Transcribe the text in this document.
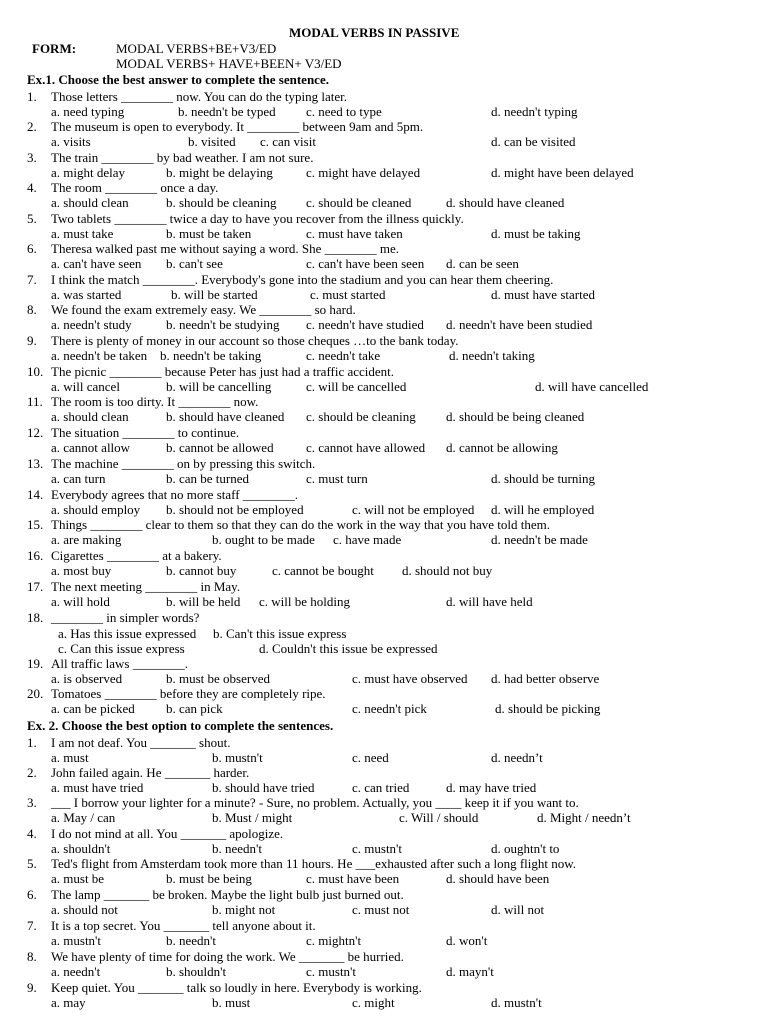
MODAL VERBS IN PASSIVE
FORM:	MODAL VERBS+BE+V3/ED
MODAL VERBS+ HAVE+BEEN+ V3/ED
Ex.1. Choose the best answer to complete the sentence.
Ex. 2. Choose the best option to complete the sentences.
1. Those letters ________ now. You can do the typing later.
a. need typing	b. needn't be typed c. need to type	d. needn't typing
2. The museum is open to everybody. It ________ between 9am and 5pm.
a. visits	b. visited c. can visit	d. can be visited
3. The train ________ by bad weather. I am not sure.
a. might delay	b. might be delaying	c. might have delayed	d. might have been delayed
4. The room ________ once a day.
a. should clean	b. should be cleaning c. should be cleaned	d. should have cleaned
5. Two tablets ________ twice a day to have you recover from the illness quickly.
a. must take	b. must be taken	c. must have taken	d. must be taking
6. Theresa walked past me without saying a word. She ________ me.
a. can't have seen b. can't see	c. can't have been seen d. can be seen
7. I think the match ________. Everybody's gone into the stadium and you can hear them cheering.
a. was started	b. will be started	c. must started	d. must have started
8. We found the exam extremely easy. We ________ so hard.
a. needn't study	b. needn't be studying c. needn't have studied d. needn't have been studied
9. There is plenty of money in our account so those cheques …to the bank today.
a. needn't be taken b. needn't be taking	c. needn't take	d. needn't taking
10. The picnic ________ because Peter has just had a traffic accident.
a. will cancel	b. will be cancelling	c. will be cancelled	d. will have cancelled
11. The room is too dirty. It ________ now.
a. should clean	b. should have cleaned c. should be cleaning d. should be being cleaned
12. The situation ________ to continue.
a. cannot allow	b. cannot be allowed c. cannot have allowed d. cannot be allowing
13. The machine ________ on by pressing this switch.
a. can turn	b. can be turned	c. must turn	d. should be turning
14. Everybody agrees that no more staff ________.
a. should employ b. should not be employed	c. will not be employed d. will he employed
15. Things ________ clear to them so that they can do the work in the way that you have told them.
a. are making	b. ought to be made c. have made	d. needn't be made
16. Cigarettes ________ at a bakery.
a. most buy	b. cannot buy	c. cannot be bought d. should not buy
17. The next meeting ________ in May.
a. will hold	b. will be held c. will be holding	d. will have held
18. ________ in simpler words?
a. Has this issue expressed b. Can't this issue express
c. Can this issue express	d. Couldn't this issue be expressed
19. All traffic laws ________.
a. is observed	b. must be observed	c. must have observed d. had better observe
20. Tomatoes ________ before they are completely ripe.
a. can be picked b. can pick	c. needn't pick	d. should be picking
1. I am not deaf. You _______ shout.
a. must	b. mustn't	c. need	d. needn’t
2. John failed again. He _______ harder.
a. must have tried	b. should have tried	c. can tried	d. may have tried
3. ___ I borrow your lighter for a minute? - Sure, no problem. Actually, you ____ keep it if you want to.
a. May / can	b. Must / might	c. Will / should	d. Might / needn’t
4. I do not mind at all. You _______ apologize.
a. shouldn't	b. needn't	c. mustn't	d. oughtn't to
5. Ted's flight from Amsterdam took more than 11 hours. He ___exhausted after such a long flight now.
a. must be	b. must be being	c. must have been	d. should have been
6. The lamp _______ be broken. Maybe the light bulb just burned out.
a. should not	b. might not	c. must not	d. will not
7. It is a top secret. You _______ tell anyone about it.
a. mustn't	b. needn't	c. mightn't	d. won't
8. We have plenty of time for doing the work. We _______ be hurried.
a. needn't	b. shouldn't	c. mustn't	d. mayn't
9. Keep quiet. You _______ talk so loudly in here. Everybody is working.
a. may	b. must	c. might	d. mustn't
